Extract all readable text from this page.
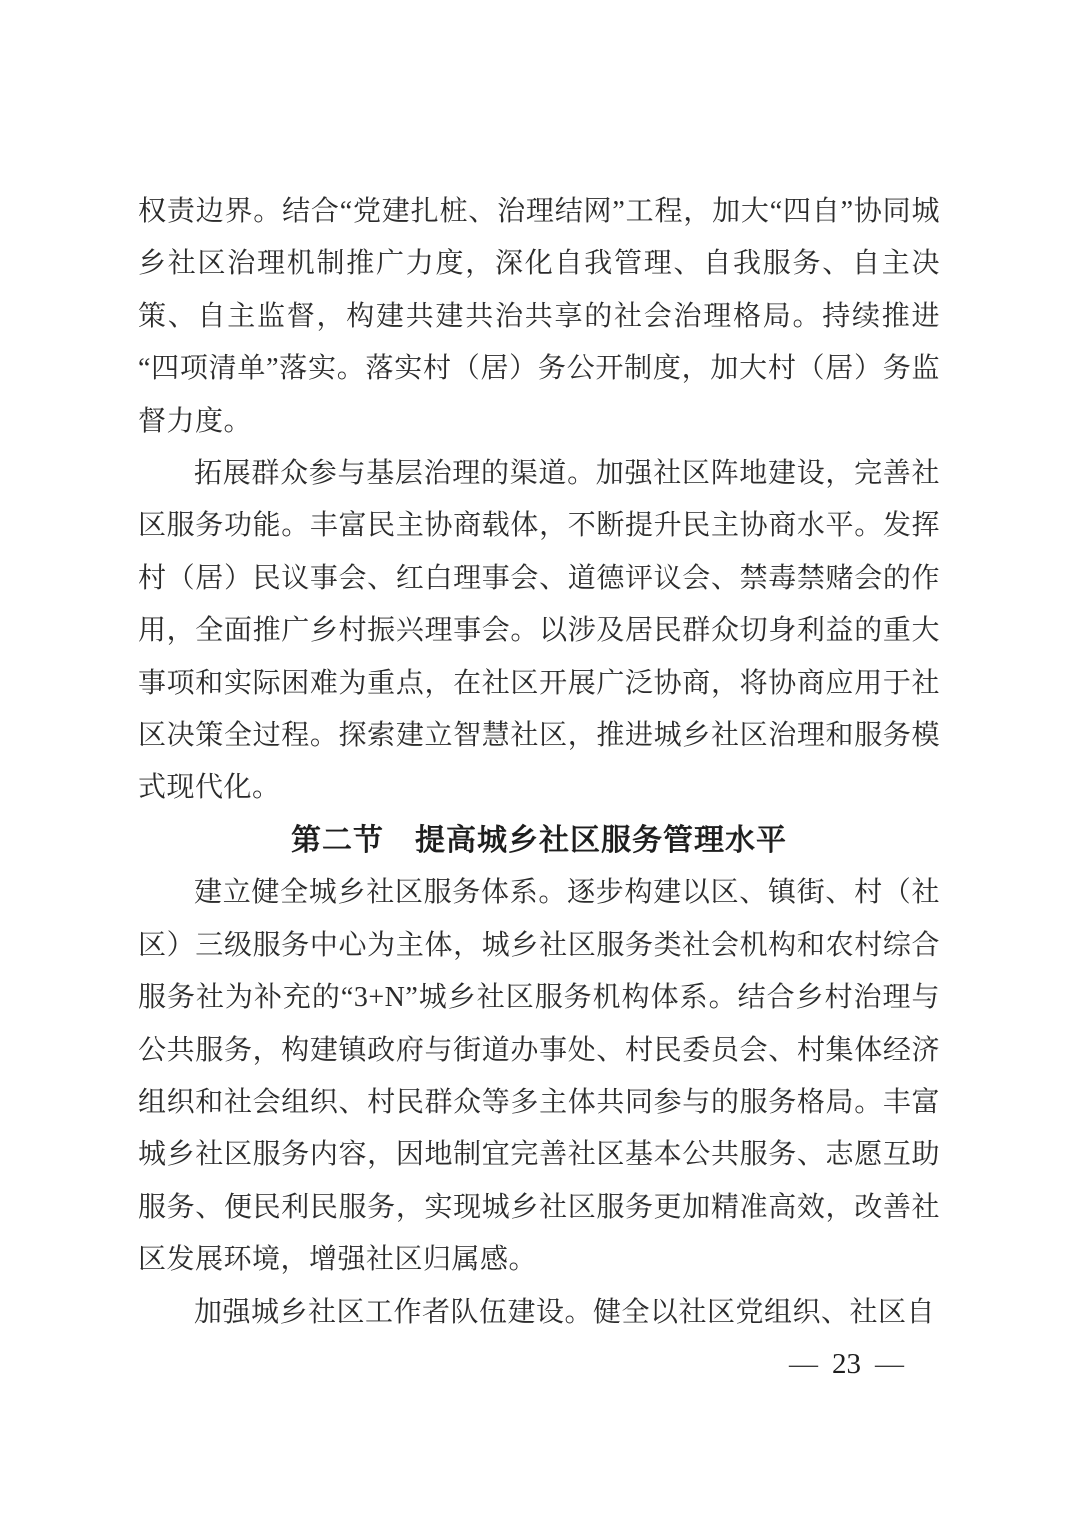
权责边界。结合“党建扎桩、治理结网”工程，加大“四自”协同城乡社区治理机制推广力度，深化自我管理、自我服务、自主决策、自主监督，构建共建共治共享的社会治理格局。持续推进“四项清单”落实。落实村（居）务公开制度，加大村（居）务监督力度。

拓展群众参与基层治理的渠道。加强社区阵地建设，完善社区服务功能。丰富民主协商载体，不断提升民主协商水平。发挥村（居）民议事会、红白理事会、道德评议会、禁毒禁赌会的作用，全面推广乡村振兴理事会。以涉及居民群众切身利益的重大事项和实际困难为重点，在社区开展广泛协商，将协商应用于社区决策全过程。探索建立智慧社区，推进城乡社区治理和服务模式现代化。

第二节　提高城乡社区服务管理水平

建立健全城乡社区服务体系。逐步构建以区、镇街、村（社区）三级服务中心为主体，城乡社区服务类社会机构和农村综合服务社为补充的“3+N”城乡社区服务机构体系。结合乡村治理与公共服务，构建镇政府与街道办事处、村民委员会、村集体经济组织和社会组织、村民群众等多主体共同参与的服务格局。丰富城乡社区服务内容，因地制宜完善社区基本公共服务、志愿互助服务、便民利民服务，实现城乡社区服务更加精准高效，改善社区发展环境，增强社区归属感。

加强城乡社区工作者队伍建设。健全以社区党组织、社区自

— 23 —
